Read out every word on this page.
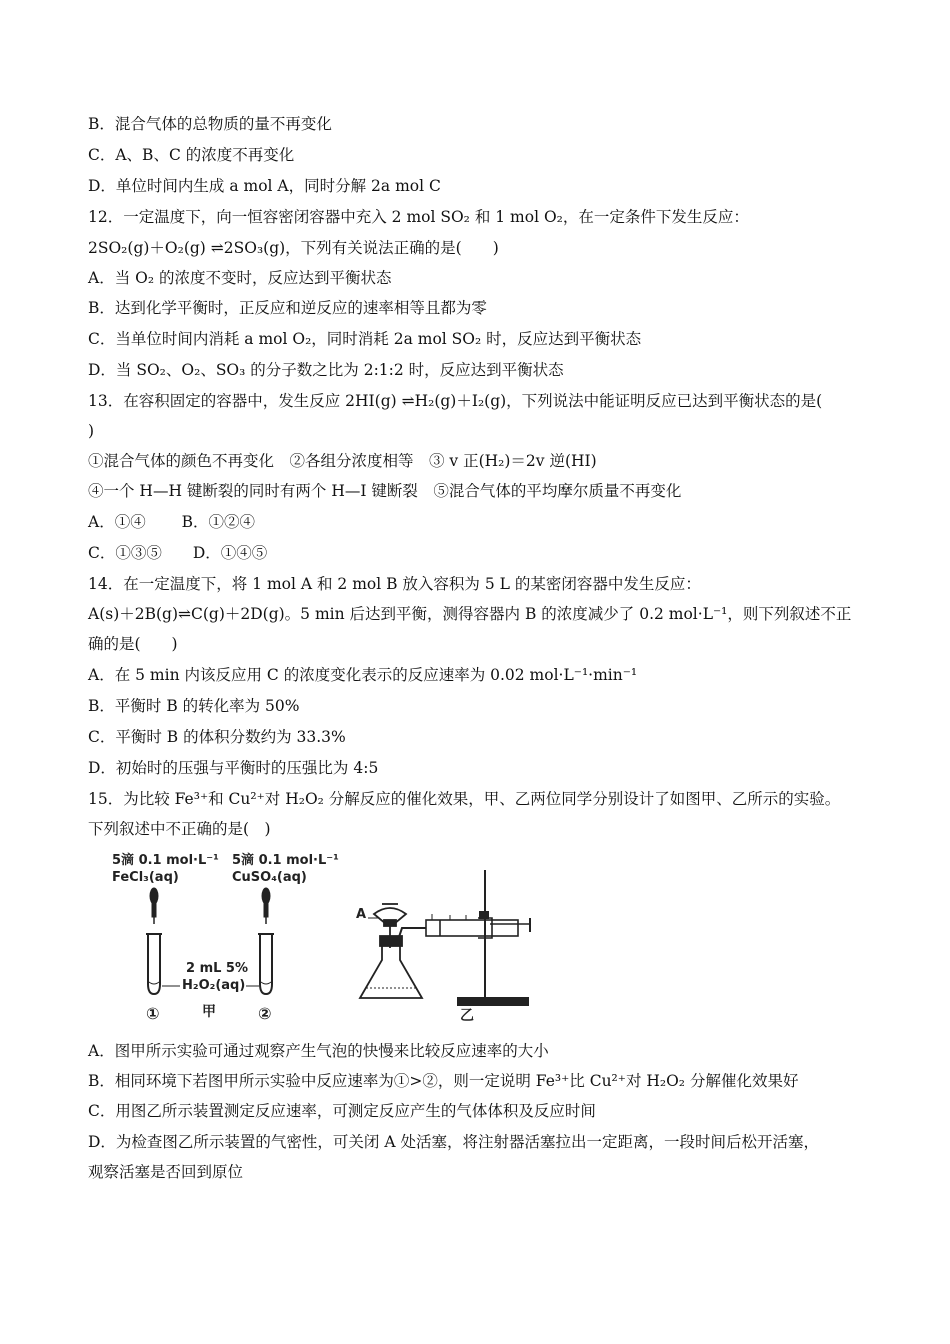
B．混合气体的总物质的量不再变化
C．A、B、C 的浓度不再变化
D．单位时间内生成 a mol A，同时分解 2a mol C
12．一定温度下，向一恒容密闭容器中充入 2 mol SO₂ 和 1 mol O₂，在一定条件下发生反应：
2SO₂(g)＋O₂(g) ⇌2SO₃(g)，下列有关说法正确的是(　　)
A．当 O₂ 的浓度不变时，反应达到平衡状态
B．达到化学平衡时，正反应和逆反应的速率相等且都为零
C．当单位时间内消耗 a mol O₂，同时消耗 2a mol SO₂ 时，反应达到平衡状态
D．当 SO₂、O₂、SO₃ 的分子数之比为 2:1:2 时，反应达到平衡状态
13．在容积固定的容器中，发生反应 2HI(g) ⇌H₂(g)＋I₂(g)，下列说法中能证明反应已达到平衡状态的是(
)
①混合气体的颜色不再变化　②各组分浓度相等　③ v 正(H₂)＝2v 逆(HI)
④一个 H—H 键断裂的同时有两个 H—I 键断裂　⑤混合气体的平均摩尔质量不再变化
A．①④　　 B．①②④
C．①③⑤　　D．①④⑤
14．在一定温度下，将 1 mol A 和 2 mol B 放入容积为 5 L 的某密闭容器中发生反应：
A(s)＋2B(g)⇌C(g)＋2D(g)。5 min 后达到平衡，测得容器内 B 的浓度减少了 0.2 mol·L⁻¹，则下列叙述不正
确的是(　　)
A．在 5 min 内该反应用 C 的浓度变化表示的反应速率为 0.02 mol·L⁻¹·min⁻¹
B．平衡时 B 的转化率为 50%
C．平衡时 B 的体积分数约为 33.3%
D．初始时的压强与平衡时的压强比为 4:5
15．为比较 Fe³⁺和 Cu²⁺对 H₂O₂ 分解反应的催化效果，甲、乙两位同学分别设计了如图甲、乙所示的实验。
下列叙述中不正确的是(　)
5滴 0.1 mol·L⁻¹
FeCl₃(aq)
5滴 0.1 mol·L⁻¹
CuSO₄(aq)
2 mL 5%
H₂O₂(aq)
①	甲	②
A
乙
A．图甲所示实验可通过观察产生气泡的快慢来比较反应速率的大小
B．相同环境下若图甲所示实验中反应速率为①>②，则一定说明 Fe³⁺比 Cu²⁺对 H₂O₂ 分解催化效果好
C．用图乙所示装置测定反应速率，可测定反应产生的气体体积及反应时间
D．为检查图乙所示装置的气密性，可关闭 A 处活塞，将注射器活塞拉出一定距离，一段时间后松开活塞，
观察活塞是否回到原位
